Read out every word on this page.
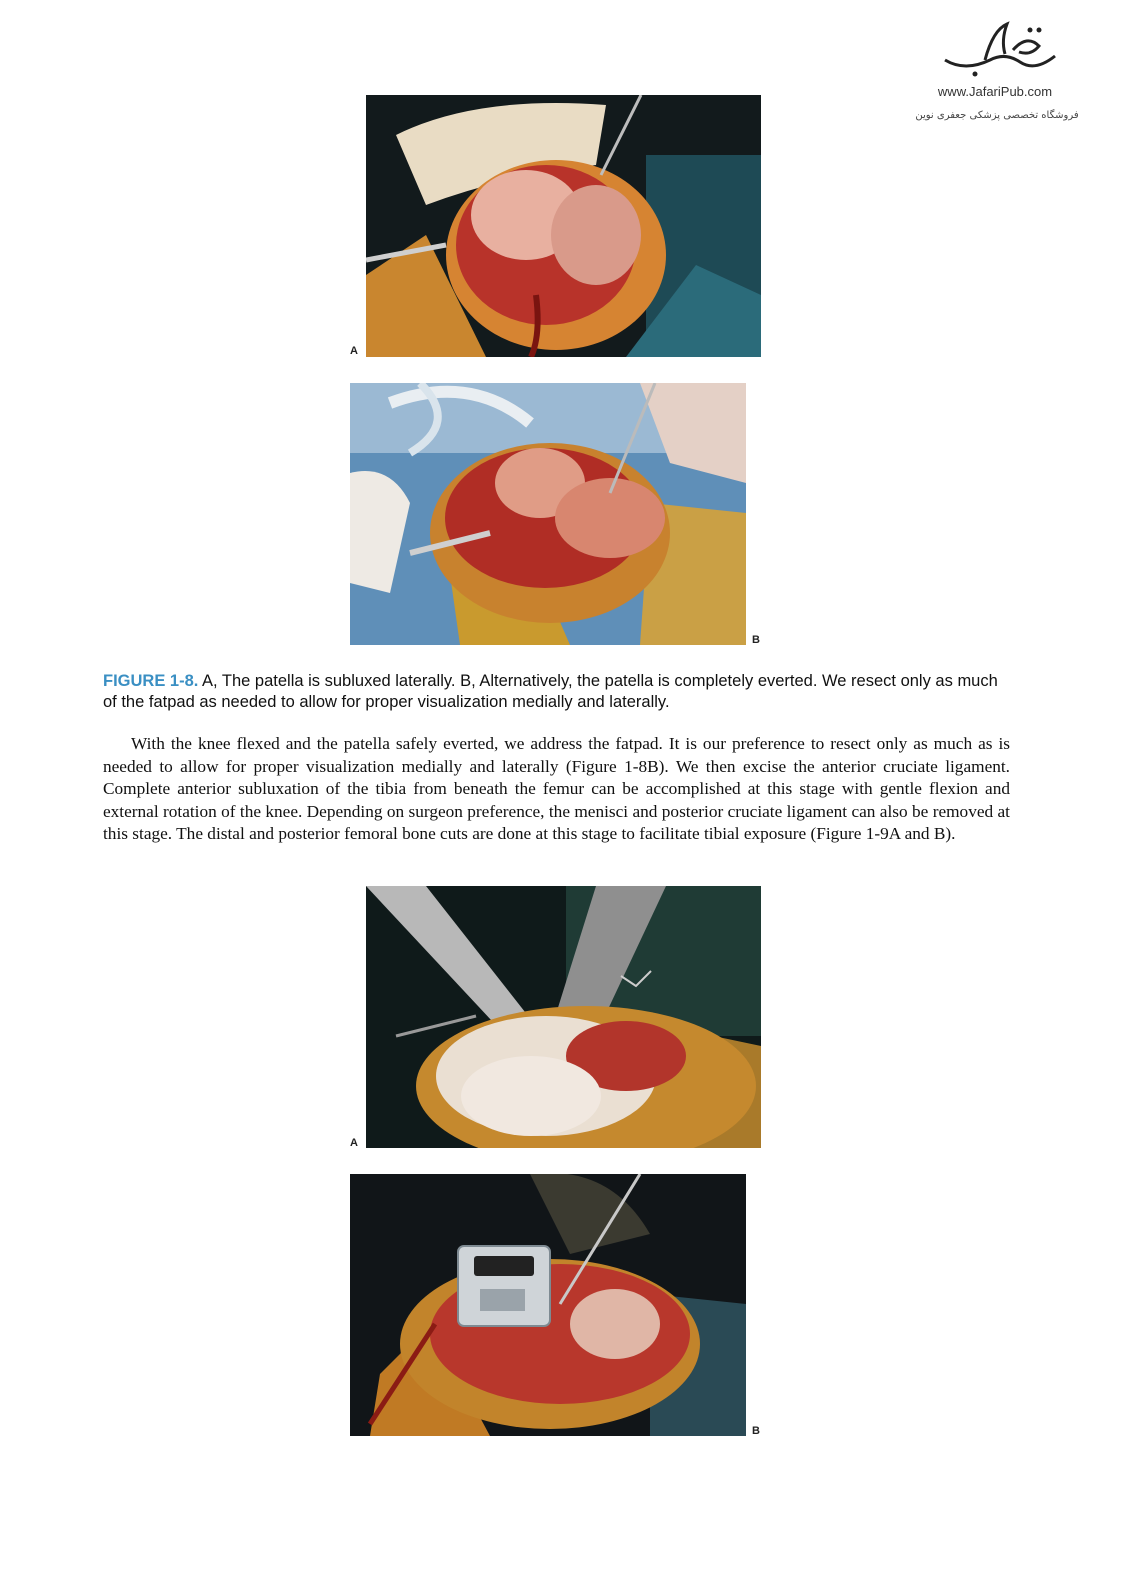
www.JafariPub.com
فروشگاه تخصصی پزشکی جعفری نوین
A
B
FIGURE 1-8. A, The patella is subluxed laterally. B, Alternatively, the patella is completely everted. We resect only as much of the fatpad as needed to allow for proper visualization medially and laterally.

With the knee flexed and the patella safely everted, we address the fatpad. It is our preference to resect only as much as is needed to allow for proper visualization medially and laterally (Figure 1-8B). We then excise the anterior cruciate ligament. Complete anterior subluxation of the tibia from beneath the femur can be accomplished at this stage with gentle flexion and external rotation of the knee. Depending on surgeon preference, the menisci and posterior cruciate ligament can also be removed at this stage. The distal and posterior femoral bone cuts are done at this stage to facilitate tibial exposure (Figure 1-9A and B).

A
B
